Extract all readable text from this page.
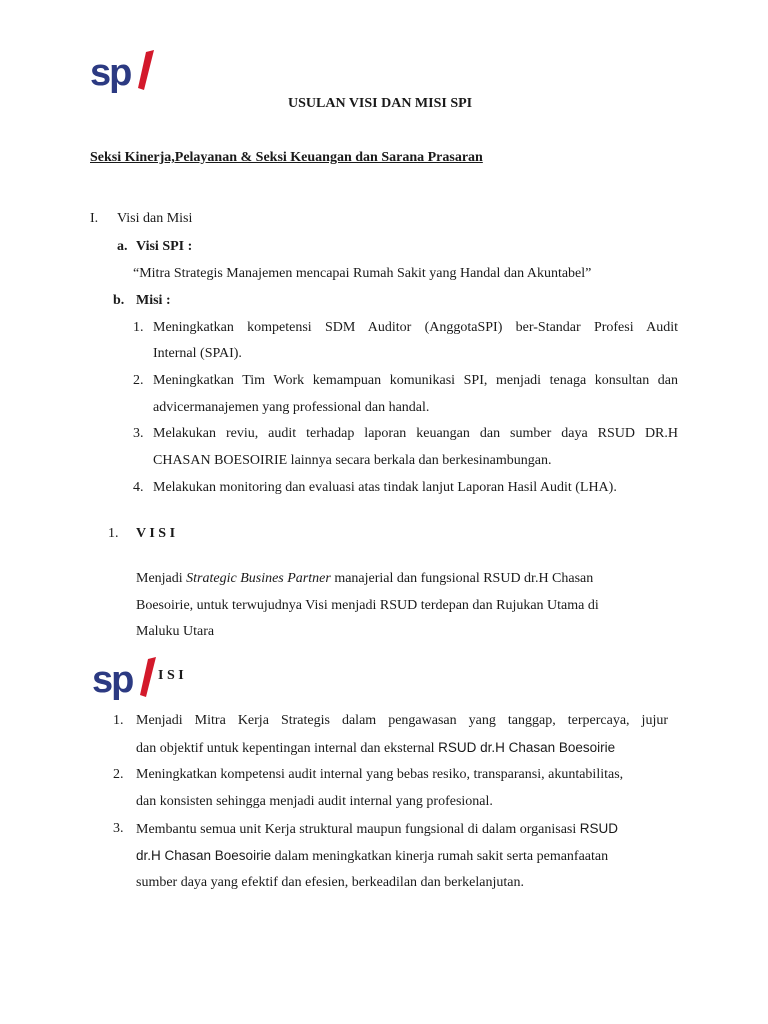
sp
USULAN VISI DAN MISI SPI
Seksi Kinerja,Pelayanan & Seksi Keuangan dan Sarana Prasaran
I. Visi dan Misi
a. Visi SPI :
“Mitra Strategis Manajemen mencapai Rumah Sakit yang Handal dan Akuntabel”
b. Misi :
1. Meningkatkan kompetensi SDM Auditor (AnggotaSPI) ber-Standar Profesi Audit
Internal (SPAI).
2. Meningkatkan Tim Work kemampuan komunikasi SPI, menjadi tenaga konsultan dan
advicermanajemen yang professional dan handal.
3. Melakukan reviu, audit terhadap laporan keuangan dan sumber daya RSUD DR.H
CHASAN BOESOIRIE lainnya secara berkala dan berkesinambungan.
4. Melakukan monitoring dan evaluasi atas tindak lanjut Laporan Hasil Audit (LHA).
1. V I S I
Menjadi Strategic Busines Partner manajerial dan fungsional RSUD dr.H Chasan
Boesoirie, untuk terwujudnya Visi menjadi RSUD terdepan dan Rujukan Utama di
Maluku Utara
sp I S I
1. Menjadi Mitra Kerja Strategis dalam pengawasan yang tanggap, terpercaya, jujur
dan objektif untuk kepentingan internal dan eksternal RSUD dr.H Chasan Boesoirie
2. Meningkatkan kompetensi audit internal yang bebas resiko, transparansi, akuntabilitas,
dan konsisten sehingga menjadi audit internal yang profesional.
3. Membantu semua unit Kerja struktural maupun fungsional di dalam organisasi RSUD
dr.H Chasan Boesoirie dalam meningkatkan kinerja rumah sakit serta pemanfaatan
sumber daya yang efektif dan efesien, berkeadilan dan berkelanjutan.
